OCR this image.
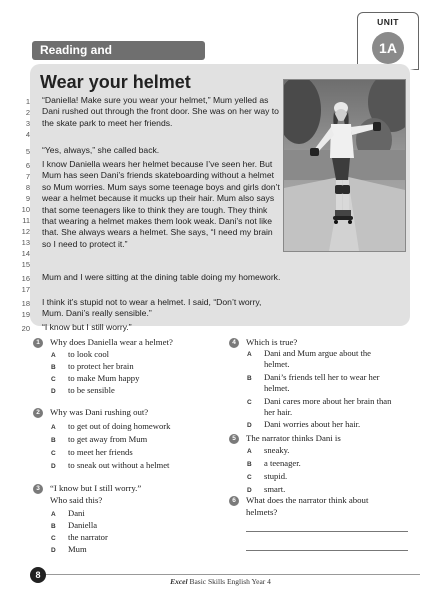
UNIT
1A
Reading and
Wear your helmet
1
2
3
4
5
6
7
8
9
10
11
12
13
14
15
16
17
18
19
20
“Daniella! Make sure you wear your helmet,” Mum yelled as Dani rushed out through the front door. She was on her way to the skate park to meet her friends.
“Yes, always,” she called back.
I know Daniella wears her helmet because I’ve seen her. But Mum has seen Dani’s friends skateboarding without a helmet so Mum worries. Mum says some teenage boys and girls don’t wear a helmet because it mucks up their hair. Mum also says that some teenagers like to think they are tough. They think that wearing a helmet makes them look weak. Dani’s not like that. She always wears a helmet. She says, “I need my brain so I need to protect it.”
Mum and I were sitting at the dining table doing my homework.
I think it’s stupid not to wear a helmet. I said, “Don’t worry, Mum. Dani’s really sensible.”
“I know but I still worry.”
1	Why does Daniella wear a helmet?
A to look cool
B to protect her brain
C to make Mum happy
D to be sensible
2	Why was Dani rushing out?
A to get out of doing homework
B to get away from Mum
C to meet her friends
D to sneak out without a helmet
3	“I know but I still worry.”
Who said this?
A Dani
B Daniella
C the narrator
D Mum
4	Which is true?
A Dani and Mum argue about the
helmet.
B Dani’s friends tell her to wear her
helmet.
C Dani cares more about her brain than
her hair.
D Dani worries about her hair.
5	The narrator thinks Dani is
A sneaky.
B a teenager.
C stupid.
D smart.
6	What does the narrator think about
helmets?
8
Excel Basic Skills English Year 4
